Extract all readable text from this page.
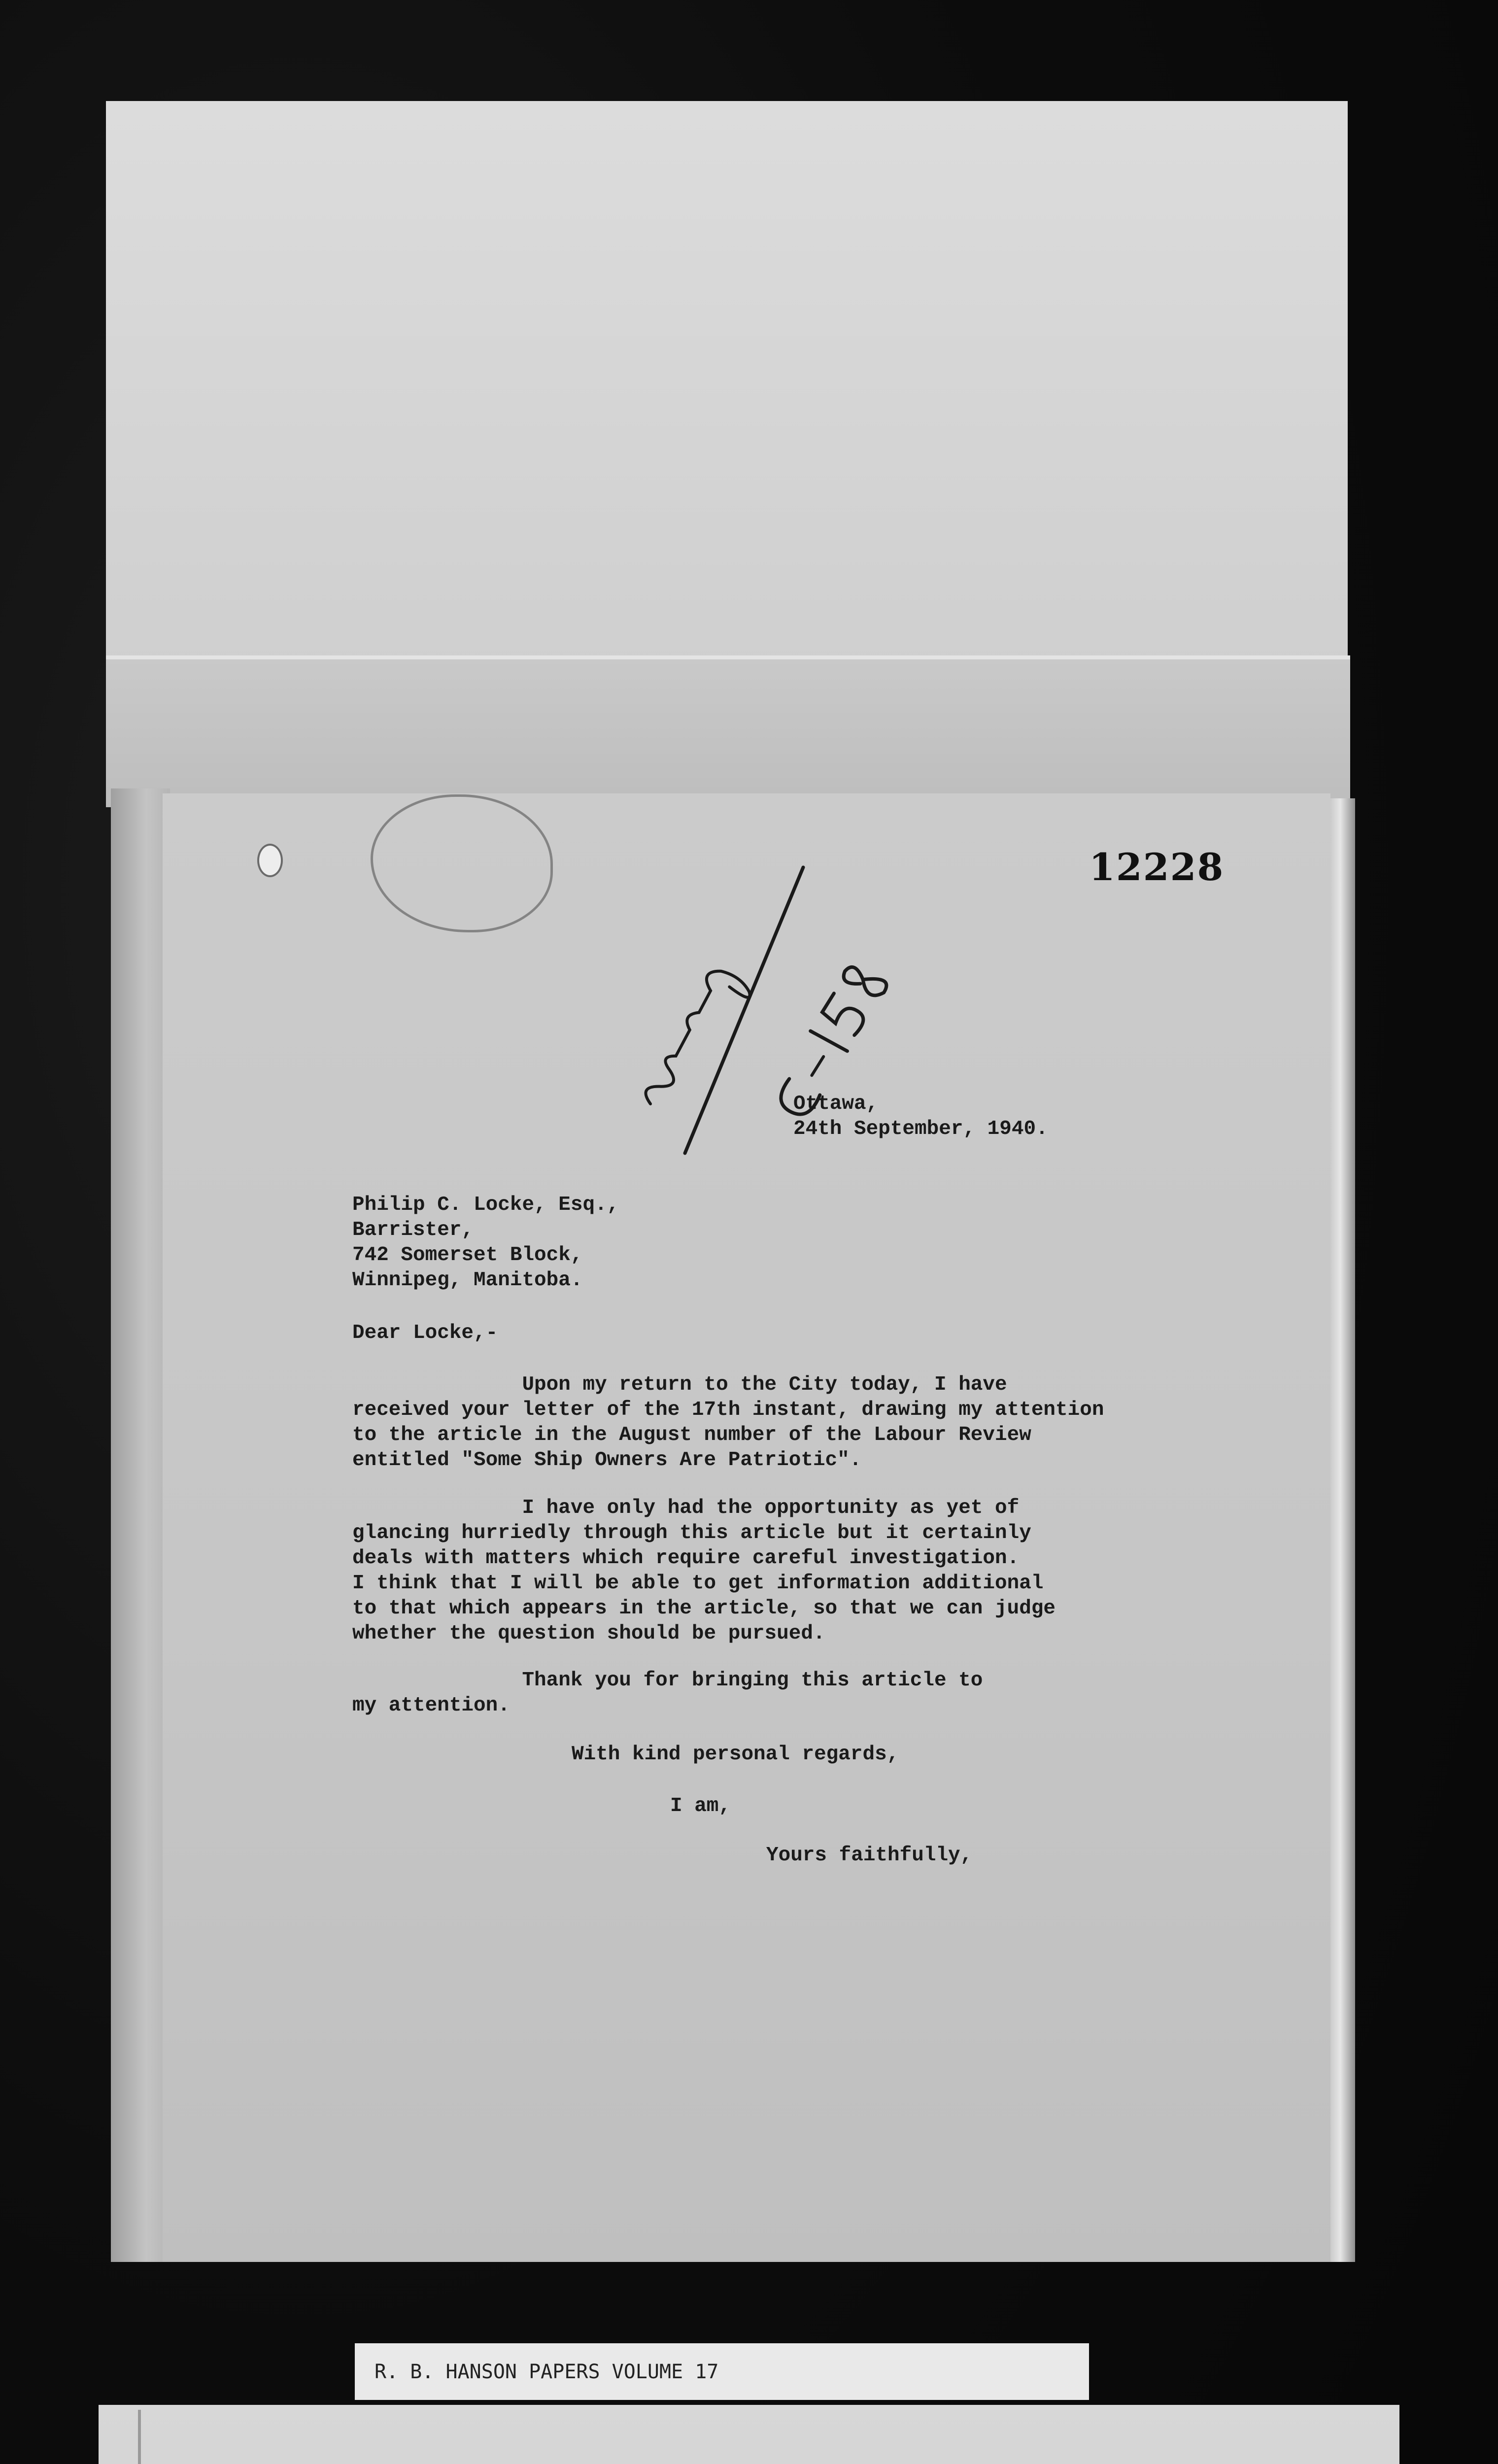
12228
Ottawa,
24th September, 1940.
Philip C. Locke, Esq.,
Barrister,
742 Somerset Block,
Winnipeg, Manitoba.
Dear Locke,-
Upon my return to the City today, I have
received your letter of the 17th instant, drawing my attention
to the article in the August number of the Labour Review
entitled "Some Ship Owners Are Patriotic".
I have only had the opportunity as yet of
glancing hurriedly through this article but it certainly
deals with matters which require careful investigation.
I think that I will be able to get information additional
to that which appears in the article, so that we can judge
whether the question should be pursued.
Thank you for bringing this article to
my attention.
With kind personal regards,
I am,
Yours faithfully,
R. B. HANSON PAPERS VOLUME 17
